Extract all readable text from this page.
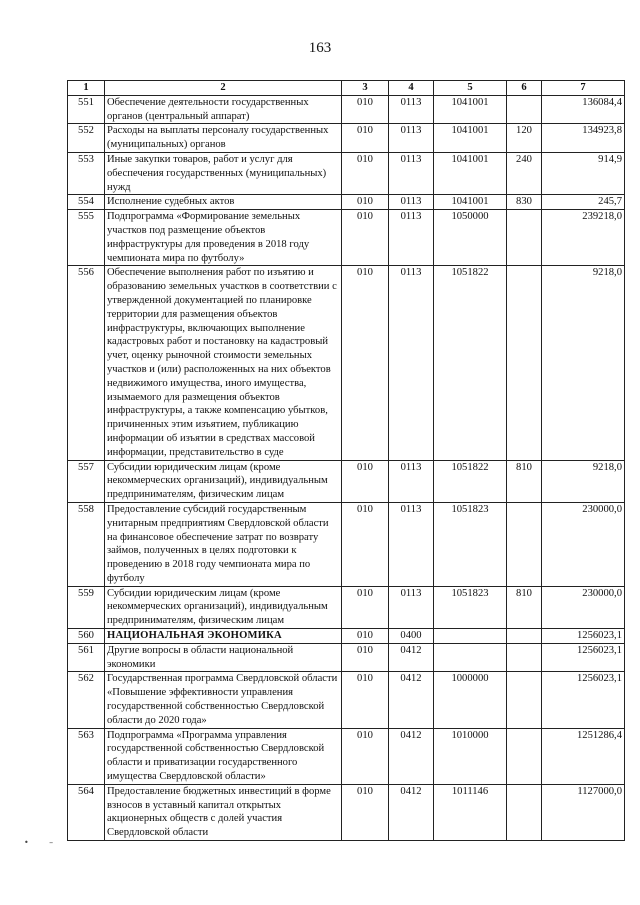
163
1	2	3	4	5	6	7
551	Обеспечение деятельности государственных органов (центральный аппарат)	010	0113	1041001		136084,4
552	Расходы на выплаты персоналу государственных (муниципальных) органов	010	0113	1041001	120	134923,8
553	Иные закупки товаров, работ и услуг для обеспечения государственных (муниципальных) нужд	010	0113	1041001	240	914,9
554	Исполнение судебных актов	010	0113	1041001	830	245,7
555	Подпрограмма «Формирование земельных участков под размещение объектов инфраструктуры для проведения в 2018 году чемпионата мира по футболу»	010	0113	1050000		239218,0
556	Обеспечение выполнения работ по изъятию и образованию земельных участков в соответствии с утвержденной документацией по планировке территории для размещения объектов инфраструктуры, включающих выполнение кадастровых работ и постановку на кадастровый учет, оценку рыночной стоимости земельных участков и (или) расположенных на них объектов недвижимого имущества, иного имущества, изымаемого для размещения объектов инфраструктуры, а также компенсацию убытков, причиненных этим изъятием, публикацию информации об изъятии в средствах массовой информации, представительство в суде	010	0113	1051822		9218,0
557	Субсидии юридическим лицам (кроме некоммерческих организаций), индивидуальным предпринимателям, физическим лицам	010	0113	1051822	810	9218,0
558	Предоставление субсидий государственным унитарным предприятиям Свердловской области на финансовое обеспечение затрат по возврату займов, полученных в целях подготовки к проведению в 2018 году чемпионата мира по футболу	010	0113	1051823		230000,0
559	Субсидии юридическим лицам (кроме некоммерческих организаций), индивидуальным предпринимателям, физическим лицам	010	0113	1051823	810	230000,0
560	НАЦИОНАЛЬНАЯ ЭКОНОМИКА	010	0400			1256023,1
561	Другие вопросы в области национальной экономики	010	0412			1256023,1
562	Государственная программа Свердловской области «Повышение эффективности управления государственной собственностью Свердловской области до 2020 года»	010	0412	1000000		1256023,1
563	Подпрограмма «Программа управления государственной собственностью Свердловской области и приватизации государственного имущества Свердловской области»	010	0412	1010000		1251286,4
564	Предоставление бюджетных инвестиций в форме взносов в уставный капитал открытых акционерных обществ с долей участия Свердловской области	010	0412	1011146		1127000,0
•        –
